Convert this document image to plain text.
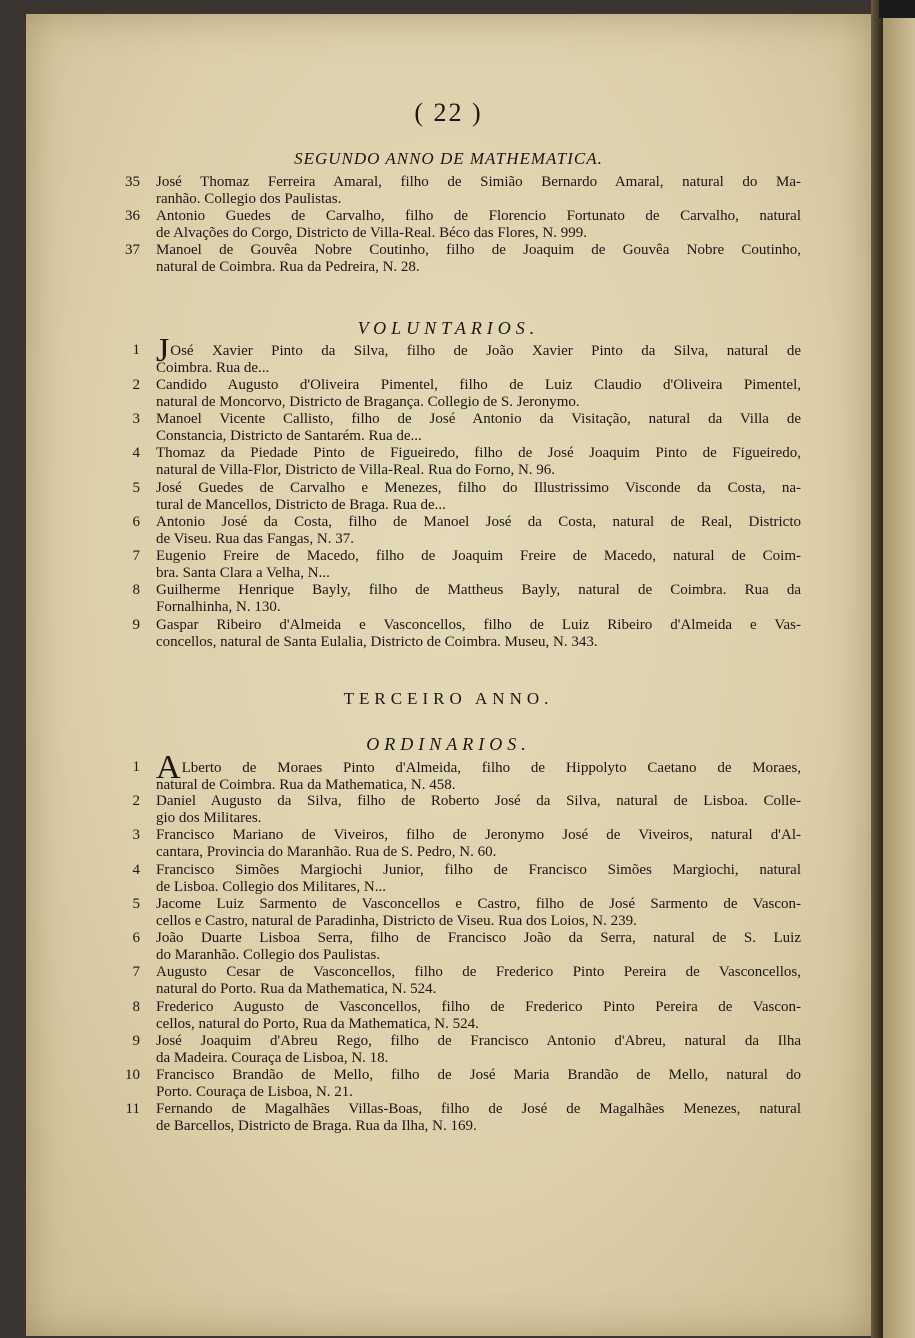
( 22 )
SEGUNDO ANNO DE MATHEMATICA.
35 José Thomaz Ferreira Amaral, filho de Simião Bernardo Amaral, natural do Ma-
ranhão. Collegio dos Paulistas.
36 Antonio Guedes de Carvalho, filho de Florencio Fortunato de Carvalho, natural
de Alvações do Corgo, Districto de Villa-Real. Béco das Flores, N. 999.
37 Manoel de Gouvêa Nobre Coutinho, filho de Joaquim de Gouvêa Nobre Coutinho,
natural de Coimbra. Rua da Pedreira, N. 28.
VOLUNTARIOS.
1 JOsé Xavier Pinto da Silva, filho de João Xavier Pinto da Silva, natural de
Coimbra. Rua de...
2 Candido Augusto d'Oliveira Pimentel, filho de Luiz Claudio d'Oliveira Pimentel,
natural de Moncorvo, Districto de Bragança. Collegio de S. Jeronymo.
3 Manoel Vicente Callisto, filho de José Antonio da Visitação, natural da Villa de
Constancia, Districto de Santarém. Rua de...
4 Thomaz da Piedade Pinto de Figueiredo, filho de José Joaquim Pinto de Figueiredo,
natural de Villa-Flor, Districto de Villa-Real. Rua do Forno, N. 96.
5 José Guedes de Carvalho e Menezes, filho do Illustrissimo Visconde da Costa, na-
tural de Mancellos, Districto de Braga. Rua de...
6 Antonio José da Costa, filho de Manoel José da Costa, natural de Real, Districto
de Viseu. Rua das Fangas, N. 37.
7 Eugenio Freire de Macedo, filho de Joaquim Freire de Macedo, natural de Coim-
bra. Santa Clara a Velha, N...
8 Guilherme Henrique Bayly, filho de Mattheus Bayly, natural de Coimbra. Rua da
Fornalhinha, N. 130.
9 Gaspar Ribeiro d'Almeida e Vasconcellos, filho de Luiz Ribeiro d'Almeida e Vas-
concellos, natural de Santa Eulalia, Districto de Coimbra. Museu, N. 343.
TERCEIRO ANNO.
ORDINARIOS.
1 ALberto de Moraes Pinto d'Almeida, filho de Hippolyto Caetano de Moraes,
natural de Coimbra. Rua da Mathematica, N. 458.
2 Daniel Augusto da Silva, filho de Roberto José da Silva, natural de Lisboa. Colle-
gio dos Militares.
3 Francisco Mariano de Viveiros, filho de Jeronymo José de Viveiros, natural d'Al-
cantara, Provincia do Maranhão. Rua de S. Pedro, N. 60.
4 Francisco Simões Margiochi Junior, filho de Francisco Simões Margiochi, natural
de Lisboa. Collegio dos Militares, N...
5 Jacome Luiz Sarmento de Vasconcellos e Castro, filho de José Sarmento de Vascon-
cellos e Castro, natural de Paradinha, Districto de Viseu. Rua dos Loios, N. 239.
6 João Duarte Lisboa Serra, filho de Francisco João da Serra, natural de S. Luiz
do Maranhão. Collegio dos Paulistas.
7 Augusto Cesar de Vasconcellos, filho de Frederico Pinto Pereira de Vasconcellos,
natural do Porto. Rua da Mathematica, N. 524.
8 Frederico Augusto de Vasconcellos, filho de Frederico Pinto Pereira de Vascon-
cellos, natural do Porto, Rua da Mathematica, N. 524.
9 José Joaquim d'Abreu Rego, filho de Francisco Antonio d'Abreu, natural da Ilha
da Madeira. Couraça de Lisboa, N. 18.
10 Francisco Brandão de Mello, filho de José Maria Brandão de Mello, natural do
Porto. Couraça de Lisboa, N. 21.
11 Fernando de Magalhães Villas-Boas, filho de José de Magalhães Menezes, natural
de Barcellos, Districto de Braga. Rua da Ilha, N. 169.
